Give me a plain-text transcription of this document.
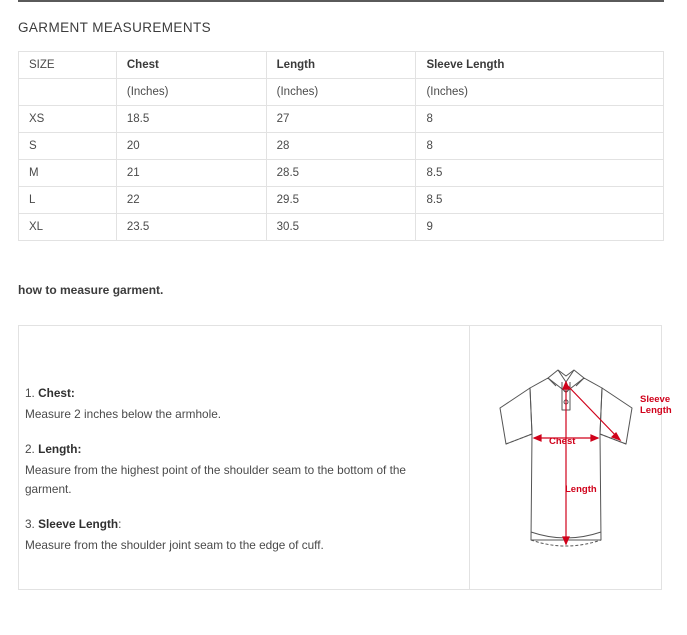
GARMENT MEASUREMENTS
SIZE	Chest	Length	Sleeve Length
	(Inches)	(Inches)	(Inches)
XS	18.5	27	8
S	20	28	8
M	21	28.5	8.5
L	22	29.5	8.5
XL	23.5	30.5	9
how to measure garment.
1. Chest:
Measure 2 inches below the armhole.
2. Length:
Measure from the highest point of the shoulder seam to the bottom of the garment.
3. Sleeve Length:
Measure from the shoulder joint seam to the edge of cuff.
Sleeve
Length
Chest
Length
